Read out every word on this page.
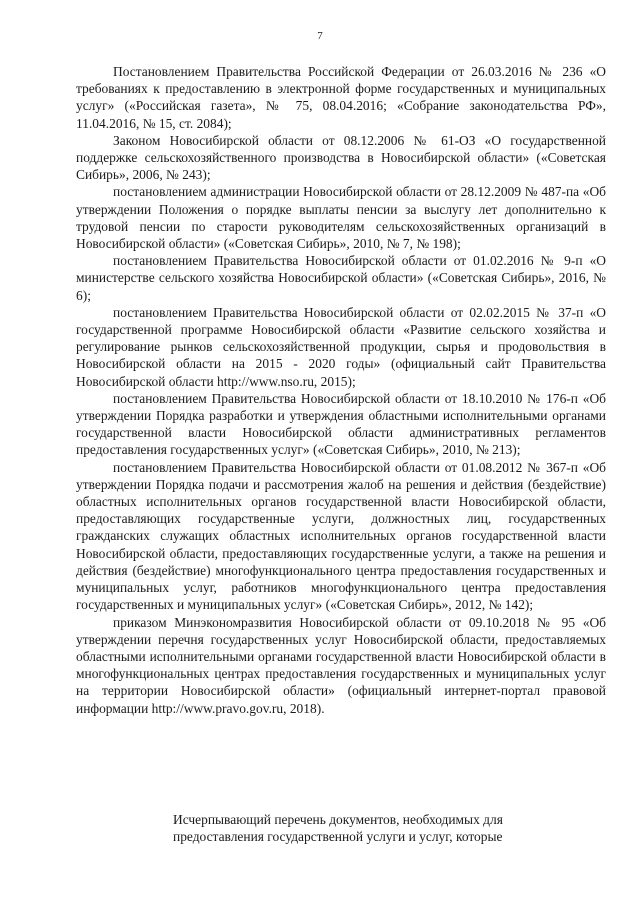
7

Постановлением Правительства Российской Федерации от 26.03.2016 № 236 «О требованиях к предоставлению в электронной форме государственных и муниципальных услуг» («Российская газета», № 75, 08.04.2016; «Собрание законодательства РФ», 11.04.2016, № 15, ст. 2084);

Законом Новосибирской области от 08.12.2006 № 61-ОЗ «О государственной поддержке сельскохозяйственного производства в Новосибирской области» («Советская Сибирь», 2006, № 243);

постановлением администрации Новосибирской области от 28.12.2009 № 487-па «Об утверждении Положения о порядке выплаты пенсии за выслугу лет дополнительно к трудовой пенсии по старости руководителям сельскохозяйственных организаций в Новосибирской области» («Советская Сибирь», 2010, № 7, № 198);

постановлением Правительства Новосибирской области от 01.02.2016 № 9-п «О министерстве сельского хозяйства Новосибирской области» («Советская Сибирь», 2016, № 6);

постановлением Правительства Новосибирской области от 02.02.2015 № 37-п «О государственной программе Новосибирской области «Развитие сельского хозяйства и регулирование рынков сельскохозяйственной продукции, сырья и продовольствия в Новосибирской области на 2015 - 2020 годы» (официальный сайт Правительства Новосибирской области http://www.nso.ru, 2015);

постановлением Правительства Новосибирской области от 18.10.2010 № 176-п «Об утверждении Порядка разработки и утверждения областными исполнительными органами государственной власти Новосибирской области административных регламентов предоставления государственных услуг» («Советская Сибирь», 2010, № 213);

постановлением Правительства Новосибирской области от 01.08.2012 № 367-п «Об утверждении Порядка подачи и рассмотрения жалоб на решения и действия (бездействие) областных исполнительных органов государственной власти Новосибирской области, предоставляющих государственные услуги, должностных лиц, государственных гражданских служащих областных исполнительных органов государственной власти Новосибирской области, предоставляющих государственные услуги, а также на решения и действия (бездействие) многофункционального центра предоставления государственных и муниципальных услуг, работников многофункционального центра предоставления государственных и муниципальных услуг» («Советская Сибирь», 2012, № 142);

приказом Минэкономразвития Новосибирской области от 09.10.2018 № 95 «Об утверждении перечня государственных услуг Новосибирской области, предоставляемых областными исполнительными органами государственной власти Новосибирской области в многофункциональных центрах предоставления государственных и муниципальных услуг на территории Новосибирской области» (официальный интернет-портал правовой информации http://www.pravo.gov.ru, 2018).

Исчерпывающий перечень документов, необходимых для
предоставления государственной услуги и услуг, которые
